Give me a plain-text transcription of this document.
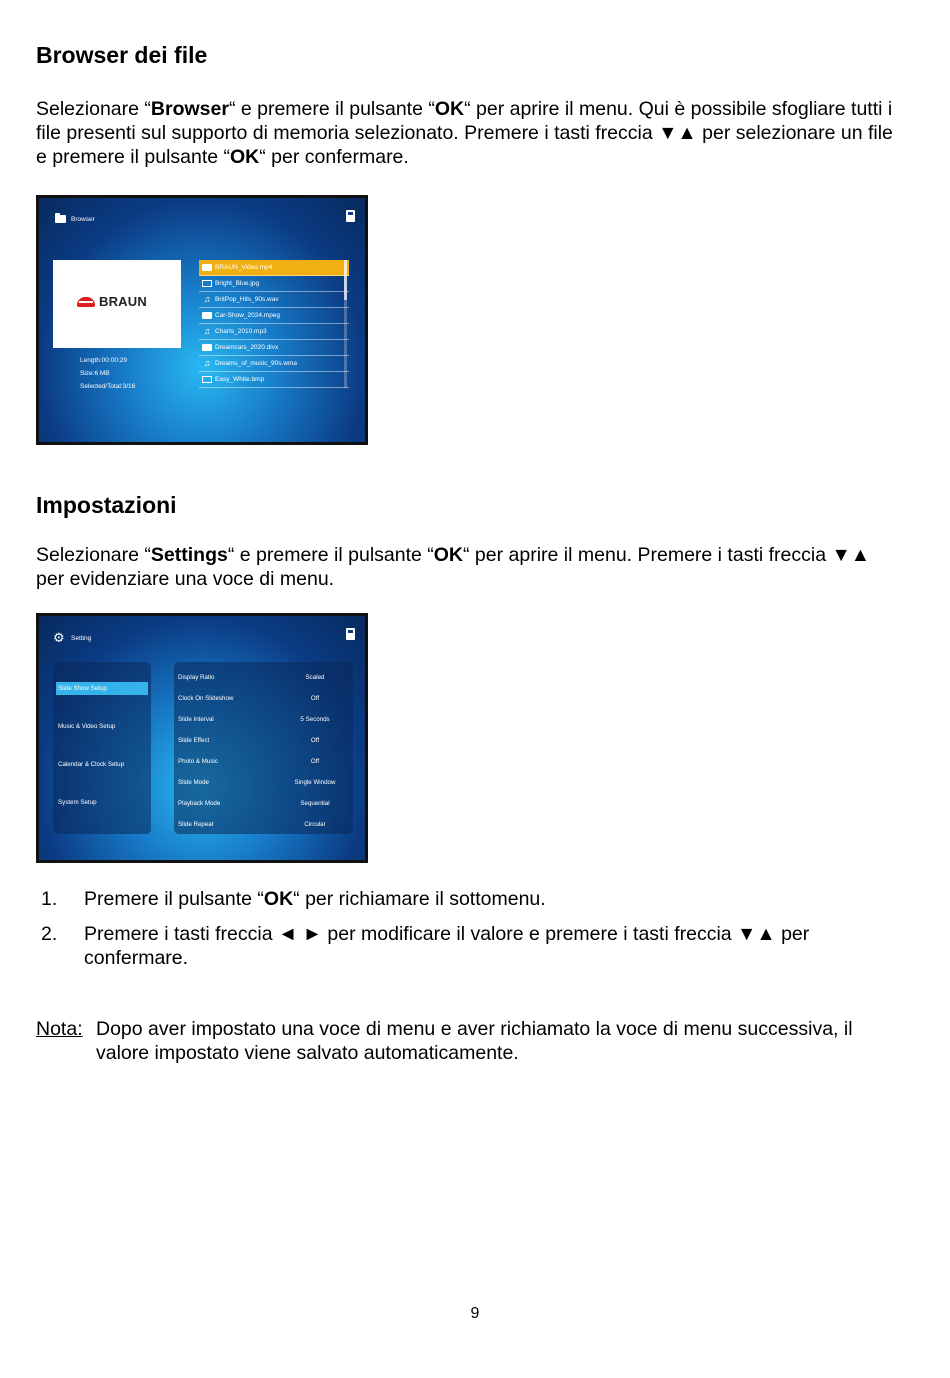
Browser dei file

Selezionare “Browser“ e premere il pulsante “OK“ per aprire il menu. Qui è possibile sfogliare tutti i file presenti sul supporto di memoria selezionato. Premere i tasti freccia ▼▲ per selezionare un file e premere il pulsante “OK“ per confermare.

Browser
BRAUN
Length:00:00:29
Size:6 MB
Selected/Total:3/16
BRAUN_Video.mp4
Bright_Blue.jpg
♫ BritPop_Hits_90s.wav
Car-Show_2024.mpeg
♫ Charts_2010.mp3
Dreamcars_2020.divx
♫ Dreams_of_music_90s.wma
Easy_White.bmp
Impostazioni

Selezionare “Settings“ e premere il pulsante “OK“ per aprire il menu. Premere i tasti freccia ▼▲ per evidenziare una voce di menu.

⚙ Setting
Slide Show Setup
Music & Video Setup
Calendar & Clock Setup
System Setup
Display Ratio	Scaled
Clock On Slideshow	Off
Slide Interval	5 Seconds
Slide Effect	Off
Photo & Music	Off
Slide Mode	Single Window
Playback Mode	Sequential
Slide Repeat	Circular
1. Premere il pulsante “OK“ per richiamare il sottomenu.
2. Premere i tasti freccia ◄ ► per modificare il valore e premere i tasti freccia ▼▲ per confermare.
Nota: Dopo aver impostato una voce di menu e aver richiamato la voce di menu successiva, il valore impostato viene salvato automaticamente.
9
